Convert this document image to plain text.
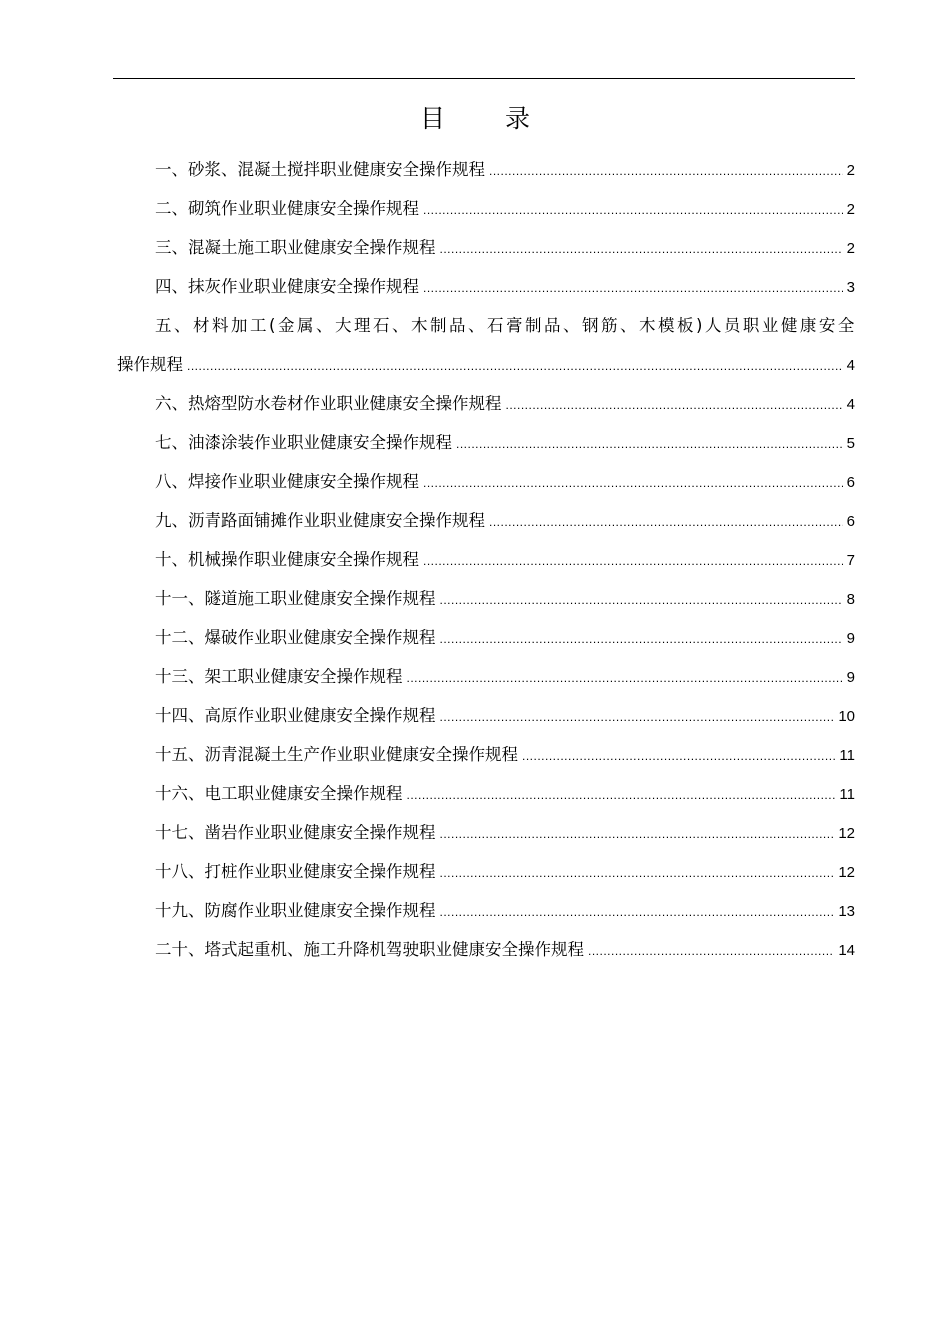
目 录
一、砂浆、混凝土搅拌职业健康安全操作规程 .....	2
二、砌筑作业职业健康安全操作规程 .....	2
三、混凝土施工职业健康安全操作规程 .....	2
四、抹灰作业职业健康安全操作规程 .....	3
五、材料加工(金属、大理石、木制品、石膏制品、钢筋、木模板)人员职业健康安全
操作规程 .....	4
六、热熔型防水卷材作业职业健康安全操作规程 .....	4
七、油漆涂装作业职业健康安全操作规程 .....	5
八、焊接作业职业健康安全操作规程 .....	6
九、沥青路面铺摊作业职业健康安全操作规程 .....	6
十、机械操作职业健康安全操作规程 .....	7
十一、隧道施工职业健康安全操作规程 .....	8
十二、爆破作业职业健康安全操作规程 .....	9
十三、架工职业健康安全操作规程 .....	9
十四、高原作业职业健康安全操作规程 .....	10
十五、沥青混凝土生产作业职业健康安全操作规程 .....	11
十六、电工职业健康安全操作规程 .....	11
十七、凿岩作业职业健康安全操作规程 .....	12
十八、打桩作业职业健康安全操作规程 .....	12
十九、防腐作业职业健康安全操作规程 .....	13
二十、塔式起重机、施工升降机驾驶职业健康安全操作规程 .....	14
